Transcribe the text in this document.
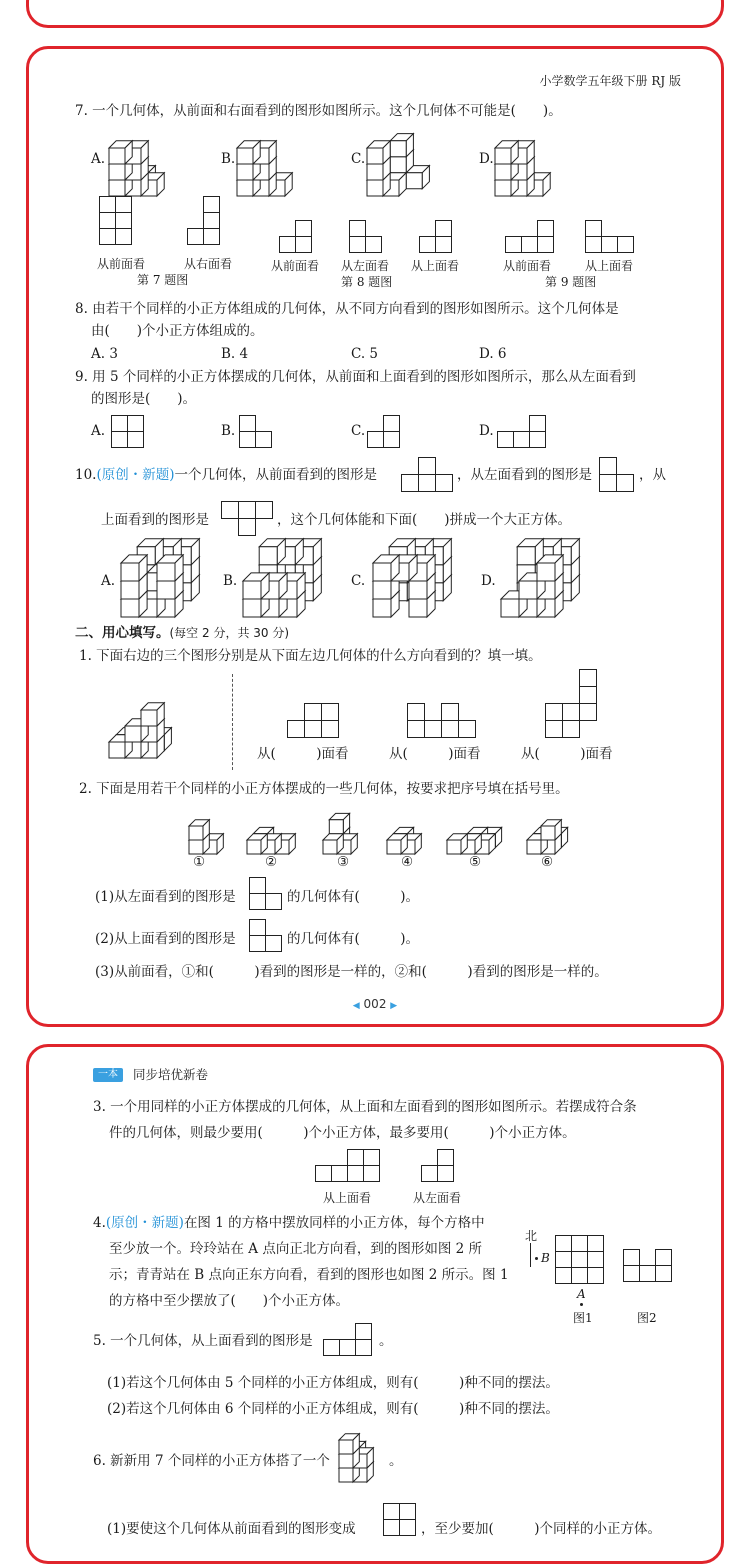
小学数学五年级下册 RJ 版
7. 一个几何体，从前面和右面看到的图形如图所示。这个几何体不可能是(　　)。
A.	B.	C.	D.
从前面看	从右面看
第 7 题图
从前面看 从左面看 从上面看
第 8 题图
从前面看	从上面看
第 9 题图
8. 由若干个同样的小正方体组成的几何体，从不同方向看到的图形如图所示。这个几何体是
由(　　)个小正方体组成的。
A. 3	B. 4	C. 5	D. 6
9. 用 5 个同样的小正方体摆成的几何体，从前面和上面看到的图形如图所示，那么从左面看到
的图形是(　　)。
A.	B.	C.	D.
10.(原创・新题)一个几何体，从前面看到的图形是	，从左面看到的图形是	，从
上面看到的图形是	，这个几何体能和下面(　　)拼成一个大正方体。
A.	B.	C.	D.
二、用心填写。(每空 2 分，共 30 分)
1. 下面右边的三个图形分别是从下面左边几何体的什么方向看到的？填一填。
从(　　　)面看	从(　　　)面看	从(　　　)面看
2. 下面是用若干个同样的小正方体摆成的一些几何体，按要求把序号填在括号里。
①	②	③	④	⑤	⑥
(1)从左面看到的图形是	的几何体有(　　　)。
(2)从上面看到的图形是	的几何体有(　　　)。
(3)从前面看，①和(　　　)看到的图形是一样的，②和(　　　)看到的图形是一样的。
◀ 002 ▶
一本	同步培优新卷
3. 一个用同样的小正方体摆成的几何体，从上面和左面看到的图形如图所示。若摆成符合条
件的几何体，则最少要用(　　　)个小正方体，最多要用(　　　)个小正方体。
从上面看	从左面看
4.(原创・新题)在图 1 的方格中摆放同样的小正方体，每个方格中
至少放一个。玲玲站在 A 点向正北方向看，到的图形如图 2 所
示；青青站在 B 点向正东方向看，看到的图形也如图 2 所示。图 1
的方格中至少摆放了(　　)个小正方体。
北
B
A
图1	图2
5. 一个几何体，从上面看到的图形是	。
(1)若这个几何体由 5 个同样的小正方体组成，则有(　　　)种不同的摆法。
(2)若这个几何体由 6 个同样的小正方体组成，则有(　　　)种不同的摆法。
6. 新新用 7 个同样的小正方体搭了一个	。
(1)要使这个几何体从前面看到的图形变成	，至少要加(　　　)个同样的小正方体。
